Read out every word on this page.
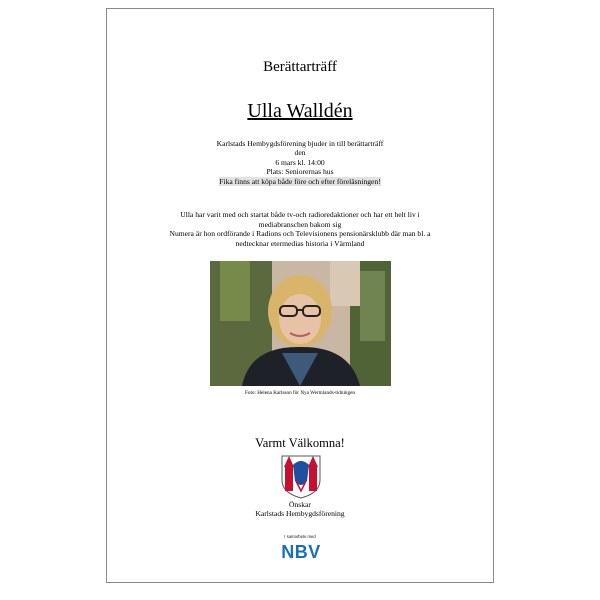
Berättarträff
Ulla Walldén
Karlstads Hembygdsförening bjuder in till berättarträff
den
6 mars kl. 14:00
Plats: Seniorernas hus
Fika finns att köpa både före och efter föreläsningen!
Ulla har varit med och startat både tv-och radioredaktioner och har ett helt liv i
mediabranschen bakom sig
Numera är hon ordförande i Radions och Televisionens pensionärsklubb där man bl. a
nedtecknar etermedias historia i Värmland
Foto: Helena Karlsson för Nya Wermlands-tidningen
Varmt Välkomna!
Önskar
Karlstads Hembygdsförening
I samarbete med
NBV
